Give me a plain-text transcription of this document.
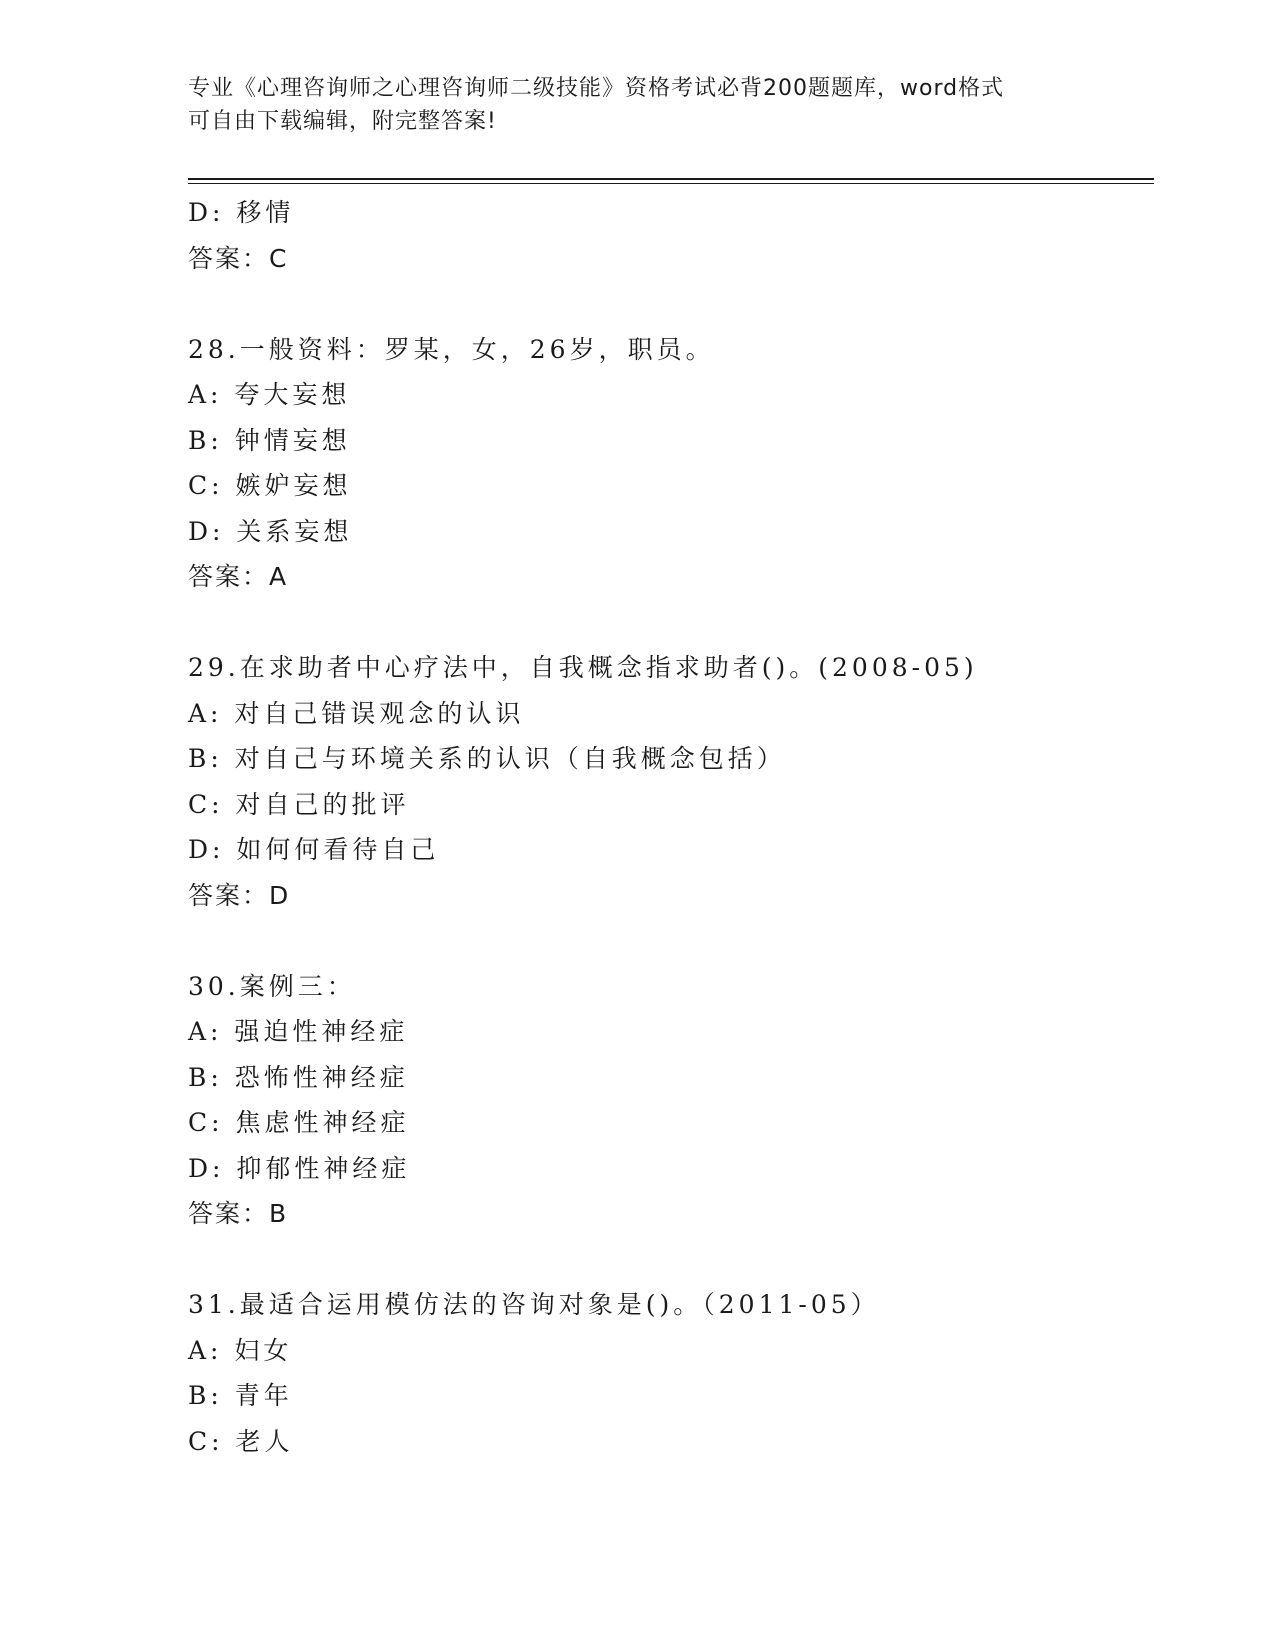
专业《心理咨询师之心理咨询师二级技能》资格考试必背200题题库，word格式
可自由下载编辑，附完整答案!
D: 移情
答案：C
28.一般资料：罗某，女，26岁，职员。
A: 夸大妄想
B: 钟情妄想
C: 嫉妒妄想
D: 关系妄想
答案：A
29.在求助者中心疗法中，自我概念指求助者()。(2008-05)
A: 对自己错误观念的认识
B: 对自己与环境关系的认识（自我概念包括）
C: 对自己的批评
D: 如何何看待自己
答案：D
30.案例三：
A: 强迫性神经症
B: 恐怖性神经症
C: 焦虑性神经症
D: 抑郁性神经症
答案：B
31.最适合运用模仿法的咨询对象是()。（2011-05）
A: 妇女
B: 青年
C: 老人
